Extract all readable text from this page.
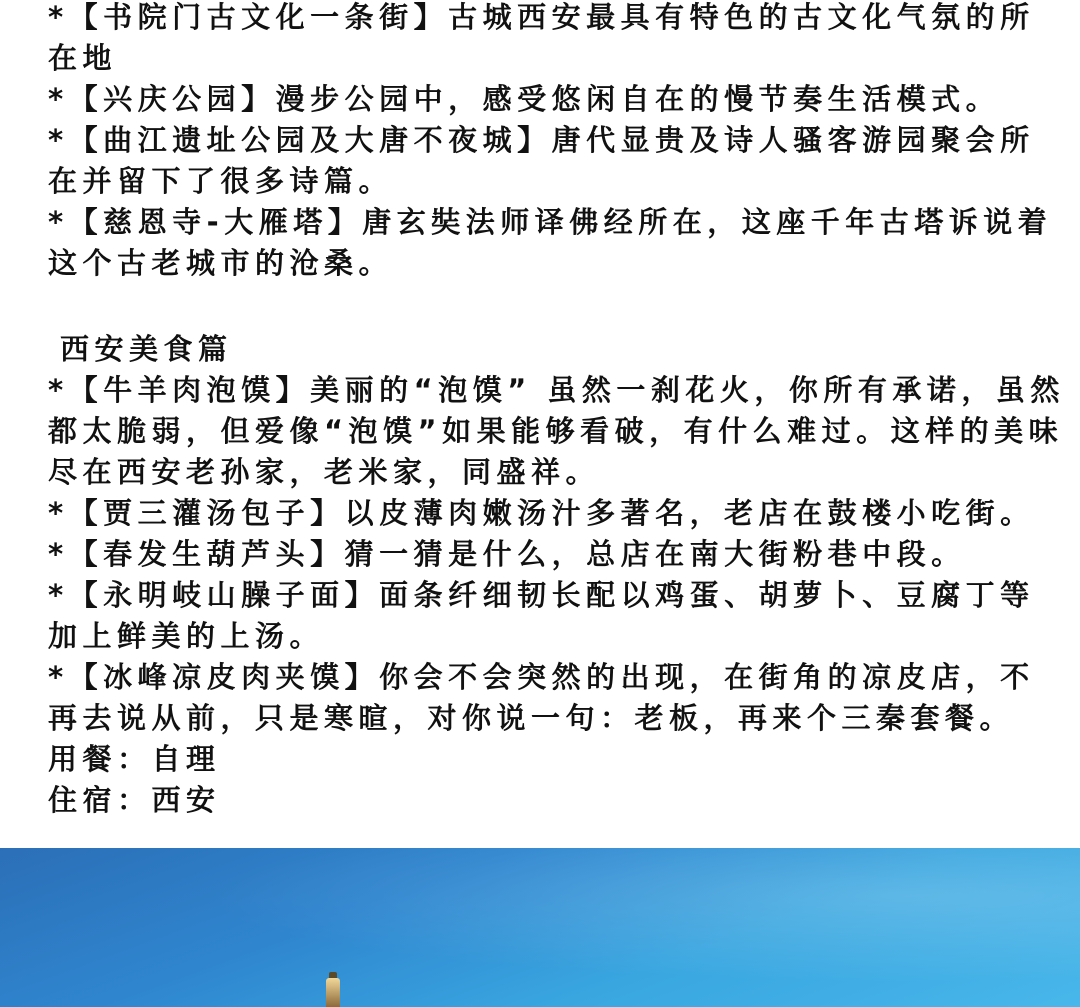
*【书院门古文化一条街】古城西安最具有特色的古文化气氛的所在地

*【兴庆公园】漫步公园中，感受悠闲自在的慢节奏生活模式。

*【曲江遗址公园及大唐不夜城】唐代显贵及诗人骚客游园聚会所在并留下了很多诗篇。

*【慈恩寺-大雁塔】唐玄奘法师译佛经所在，这座千年古塔诉说着这个古老城市的沧桑。

西安美食篇

*【牛羊肉泡馍】美丽的“泡馍” 虽然一刹花火，你所有承诺，虽然都太脆弱，但爱像“泡馍”如果能够看破，有什么难过。这样的美味尽在西安老孙家，老米家，同盛祥。

*【贾三灌汤包子】以皮薄肉嫩汤汁多著名，老店在鼓楼小吃街。

*【春发生葫芦头】猜一猜是什么，总店在南大街粉巷中段。

*【永明岐山臊子面】面条纤细韧长配以鸡蛋、胡萝卜、豆腐丁等加上鲜美的上汤。

*【冰峰凉皮肉夹馍】你会不会突然的出现，在街角的凉皮店，不再去说从前，只是寒暄，对你说一句：老板，再来个三秦套餐。

用餐：自理

住宿：西安
